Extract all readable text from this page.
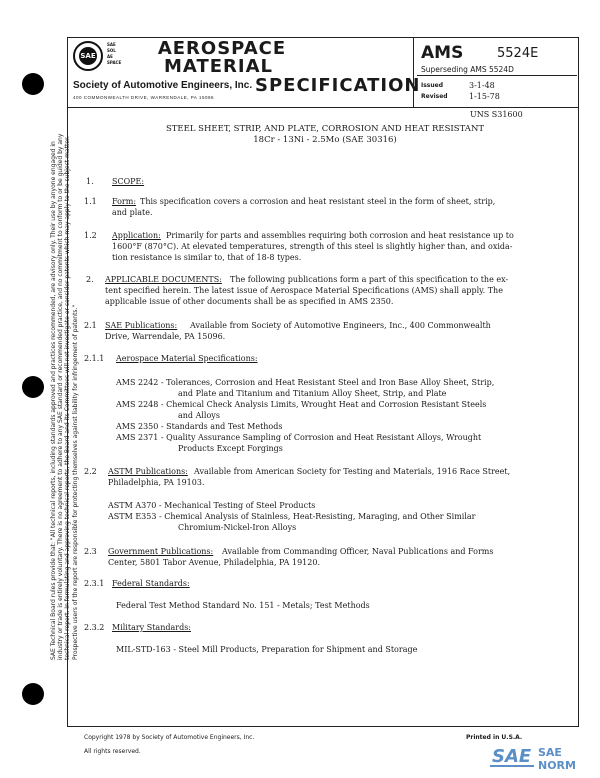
SAE Technical Board rules provide that: "All technical reports, including standards approved and practices recommended, are advisory only. Their use by anyone engaged in industry or trade is entirely voluntary. There is no agreement to adhere to any SAE standard or recommended practice, and no commitment to conform to or be guided by any technical report. In formulating and approving technical reports, the Board and its Committees will not investigate or consider patents which may apply to the subject matter. Prospective users of the report are responsible for protecting themselves against liability for infringement of patents."
SAE
SAE
SOL
AE
SPACE
AEROSPACE
MATERIAL
SPECIFICATION
Society of Automotive Engineers, Inc.
400 COMMONWEALTH DRIVE, WARRENDALE, PA 15096
AMS	5524E
Superseding AMS 5524D
Issued	3-1-48
Revised	1-15-78
UNS S31600
STEEL SHEET, STRIP, AND PLATE, CORROSION AND HEAT RESISTANT
18Cr - 13Ni - 2.5Mo (SAE 30316)
1. SCOPE:
1.1 Form: This specification covers a corrosion and heat resistant steel in the form of sheet, strip,
and plate.
1.2 Application: Primarily for parts and assemblies requiring both corrosion and heat resistance up to
1600°F (870°C). At elevated temperatures, strength of this steel is slightly higher than, and oxida-
tion resistance is similar to, that of 18-8 types.
2. APPLICABLE DOCUMENTS: The following publications form a part of this specification to the ex-
tent specified herein. The latest issue of Aerospace Material Specifications (AMS) shall apply. The
applicable issue of other documents shall be as specified in AMS 2350.
2.1 SAE Publications: Available from Society of Automotive Engineers, Inc., 400 Commonwealth
Drive, Warrendale, PA 15096.
2.1.1 Aerospace Material Specifications:
AMS 2242 - Tolerances, Corrosion and Heat Resistant Steel and Iron Base Alloy Sheet, Strip,
and Plate and Titanium and Titanium Alloy Sheet, Strip, and Plate
AMS 2248 - Chemical Check Analysis Limits, Wrought Heat and Corrosion Resistant Steels
and Alloys
AMS 2350 - Standards and Test Methods
AMS 2371 - Quality Assurance Sampling of Corrosion and Heat Resistant Alloys, Wrought
Products Except Forgings
2.2 ASTM Publications: Available from American Society for Testing and Materials, 1916 Race Street,
Philadelphia, PA 19103.
ASTM A370 - Mechanical Testing of Steel Products
ASTM E353 - Chemical Analysis of Stainless, Heat-Resisting, Maraging, and Other Similar
Chromium-Nickel-Iron Alloys
2.3 Government Publications: Available from Commanding Officer, Naval Publications and Forms
Center, 5801 Tabor Avenue, Philadelphia, PA 19120.
2.3.1 Federal Standards:
Federal Test Method Standard No. 151 - Metals; Test Methods
2.3.2 Military Standards:
MIL-STD-163 - Steel Mill Products, Preparation for Shipment and Storage
Copyright 1978 by Society of Automotive Engineers, Inc.
All rights reserved.
Printed in U.S.A.
SAE SAE NORM
